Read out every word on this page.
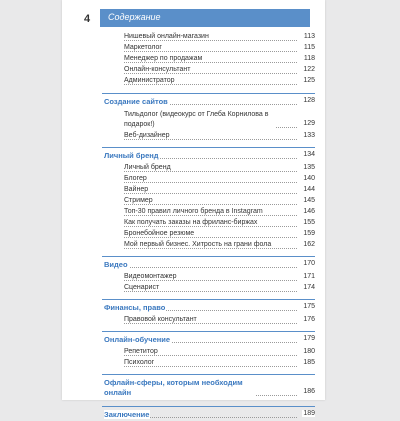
4 Содержание
Нишевый онлайн-магазин	113
Маркетолог	115
Менеджер по продажам	118
Онлайн-консультант	122
Администратор	125
Создание сайтов	128
Тильдолог (видеокурс от Глеба Корнилова в подарок!)	129
Веб-дизайнер	133
Личный бренд	134
Личный бренд	135
Блогер	140
Вайнер	144
Стример	145
Топ-30 правил личного бренда в Instagram	146
Как получать заказы на фриланс-биржах	155
Бронебойное резюме	159
Мой первый бизнес. Хитрость на грани фола	162
Видео	170
Видеомонтажер	171
Сценарист	174
Финансы, право	175
Правовой консультант	176
Онлайн-обучение	179
Репетитор	180
Психолог	185
Офлайн-сферы, которым необходим онлайн	186
Заключение	189
